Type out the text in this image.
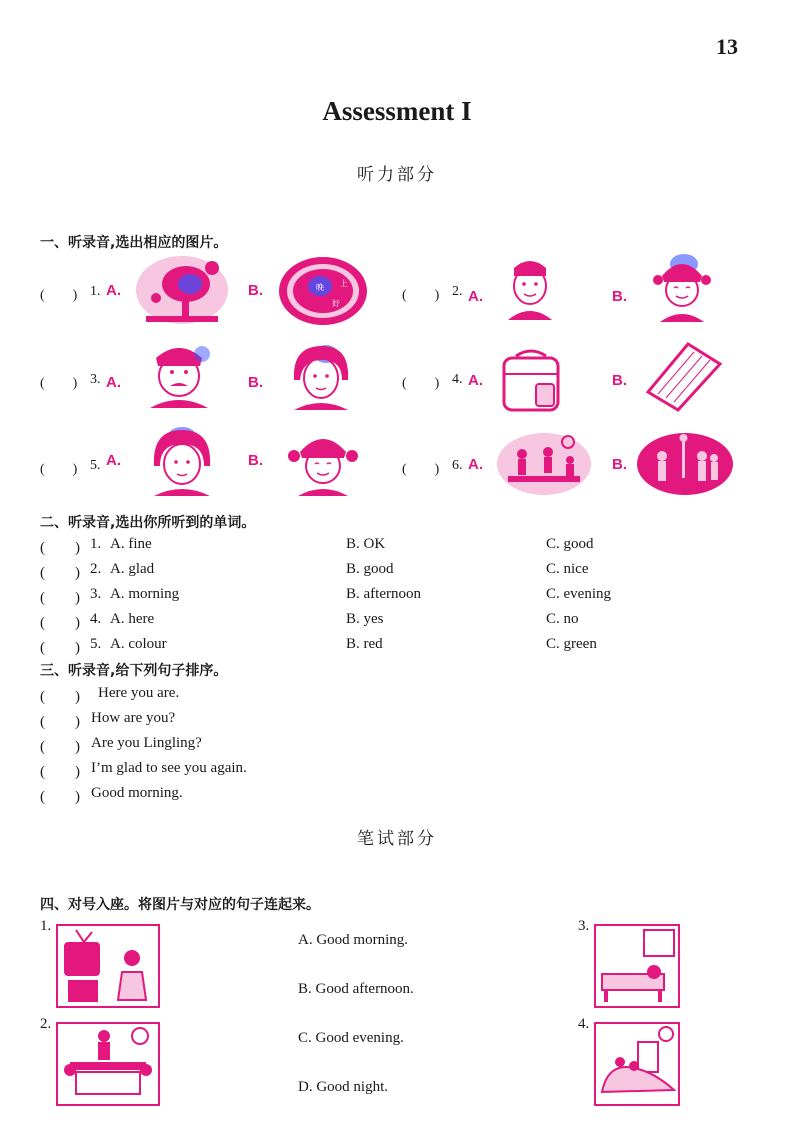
13
Assessment I
听力部分
一、听录音,选出相应的图片。
(　　) 1. A.	B.	晚 上
好
(　　) 2. A.	B.
(　　) 3. A.	B.	(　　) 4. A.	B.
(　　) 5. A.	B.
(　　) 6. A.	B.
二、听录音,选出你所听到的单词。
(　　) 1. A. fine	B. OK	C. good
(　　) 2. A. glad	B. good	C. nice
(　　) 3. A. morning	B. afternoon	C. evening
(　　) 4. A. here	B. yes	C. no
(　　) 5. A. colour	B. red	C. green
三、听录音,给下列句子排序。
(　　) Here you are.
(　　) How are you?
(　　) Are you Lingling?
(　　) I’m glad to see you again.
(　　) Good morning.
笔试部分
四、对号入座。将图片与对应的句子连起来。
1.
2.
3.
4.
A. Good morning.
B. Good afternoon.
C. Good evening.
D. Good night.
